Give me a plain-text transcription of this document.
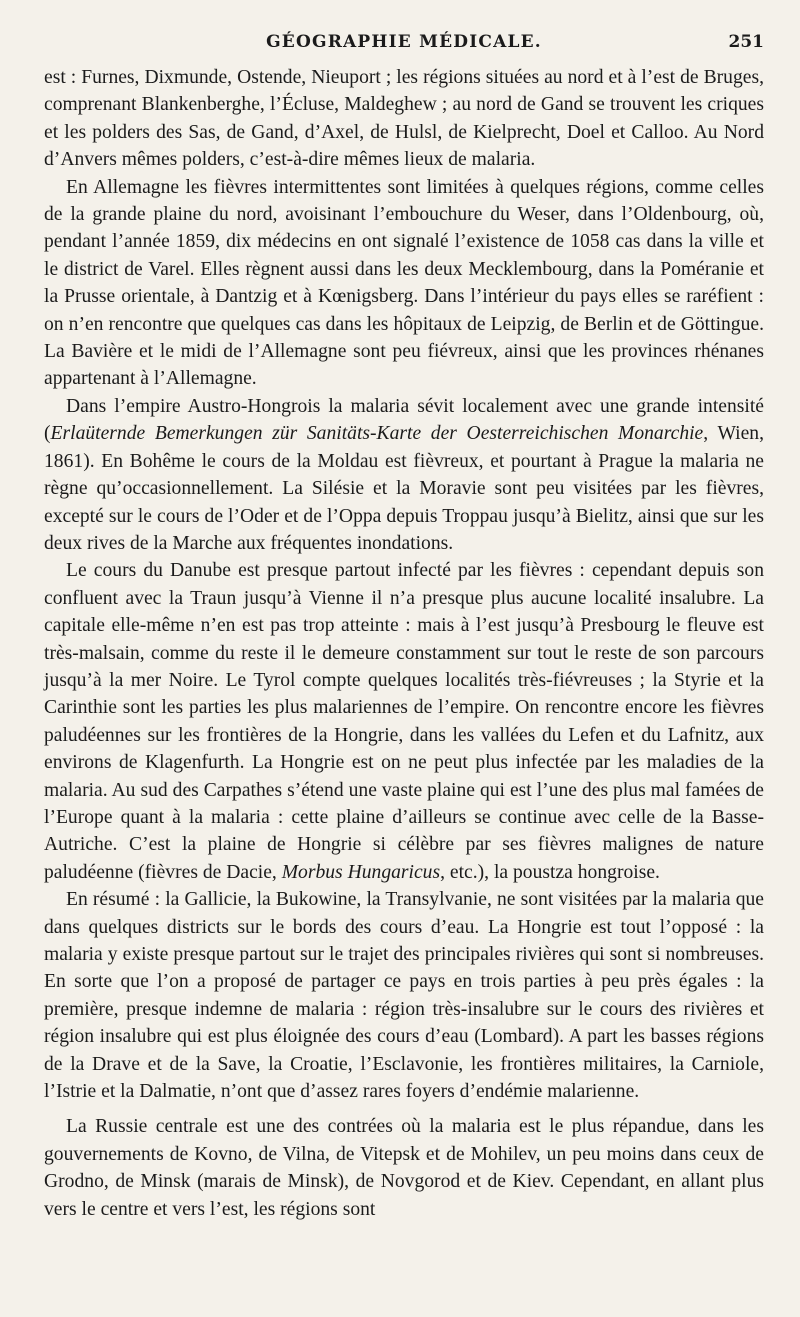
GÉOGRAPHIE MÉDICALE.	251

est : Furnes, Dixmunde, Ostende, Nieuport ; les régions situées au nord et à l’est de Bruges, comprenant Blankenberghe, l’Écluse, Maldeghew ; au nord de Gand se trouvent les criques et les polders des Sas, de Gand, d’Axel, de Hulsl, de Kielprecht, Doel et Calloo. Au Nord d’Anvers mêmes polders, c’est-à-dire mêmes lieux de malaria.

En Allemagne les fièvres intermittentes sont limitées à quelques régions, comme celles de la grande plaine du nord, avoisinant l’embouchure du Weser, dans l’Oldenbourg, où, pendant l’année 1859, dix médecins en ont signalé l’existence de 1058 cas dans la ville et le district de Varel. Elles règnent aussi dans les deux Mecklembourg, dans la Poméranie et la Prusse orientale, à Dantzig et à Kœnigsberg. Dans l’intérieur du pays elles se raréfient : on n’en rencontre que quelques cas dans les hôpitaux de Leipzig, de Berlin et de Göttingue. La Bavière et le midi de l’Allemagne sont peu fiévreux, ainsi que les provinces rhénanes appartenant à l’Allemagne.

Dans l’empire Austro-Hongrois la malaria sévit localement avec une grande intensité (Erlaüternde Bemerkungen zür Sanitäts-Karte der Oesterreichischen Monarchie, Wien, 1861). En Bohême le cours de la Moldau est fièvreux, et pourtant à Prague la malaria ne règne qu’occasionnellement. La Silésie et la Moravie sont peu visitées par les fièvres, excepté sur le cours de l’Oder et de l’Oppa depuis Troppau jusqu’à Bielitz, ainsi que sur les deux rives de la Marche aux fréquentes inondations.

Le cours du Danube est presque partout infecté par les fièvres : cependant depuis son confluent avec la Traun jusqu’à Vienne il n’a presque plus aucune localité insalubre. La capitale elle-même n’en est pas trop atteinte : mais à l’est jusqu’à Presbourg le fleuve est très-malsain, comme du reste il le demeure constamment sur tout le reste de son parcours jusqu’à la mer Noire. Le Tyrol compte quelques localités très-fiévreuses ; la Styrie et la Carinthie sont les parties les plus malariennes de l’empire. On rencontre encore les fièvres paludéennes sur les frontières de la Hongrie, dans les vallées du Lefen et du Lafnitz, aux environs de Klagenfurth. La Hongrie est on ne peut plus infectée par les maladies de la malaria. Au sud des Carpathes s’étend une vaste plaine qui est l’une des plus mal famées de l’Europe quant à la malaria : cette plaine d’ailleurs se continue avec celle de la Basse-Autriche. C’est la plaine de Hongrie si célèbre par ses fièvres malignes de nature paludéenne (fièvres de Dacie, Morbus Hungaricus, etc.), la poustza hongroise.

En résumé : la Gallicie, la Bukowine, la Transylvanie, ne sont visitées par la malaria que dans quelques districts sur le bords des cours d’eau. La Hongrie est tout l’opposé : la malaria y existe presque partout sur le trajet des principales rivières qui sont si nombreuses. En sorte que l’on a proposé de partager ce pays en trois parties à peu près égales : la première, presque indemne de malaria : région très-insalubre sur le cours des rivières et région insalubre qui est plus éloignée des cours d’eau (Lombard). A part les basses régions de la Drave et de la Save, la Croatie, l’Esclavonie, les frontières militaires, la Carniole, l’Istrie et la Dalmatie, n’ont que d’assez rares foyers d’endémie malarienne.

La Russie centrale est une des contrées où la malaria est le plus répandue, dans les gouvernements de Kovno, de Vilna, de Vitepsk et de Mohilev, un peu moins dans ceux de Grodno, de Minsk (marais de Minsk), de Novgorod et de Kiev. Cependant, en allant plus vers le centre et vers l’est, les régions sont
